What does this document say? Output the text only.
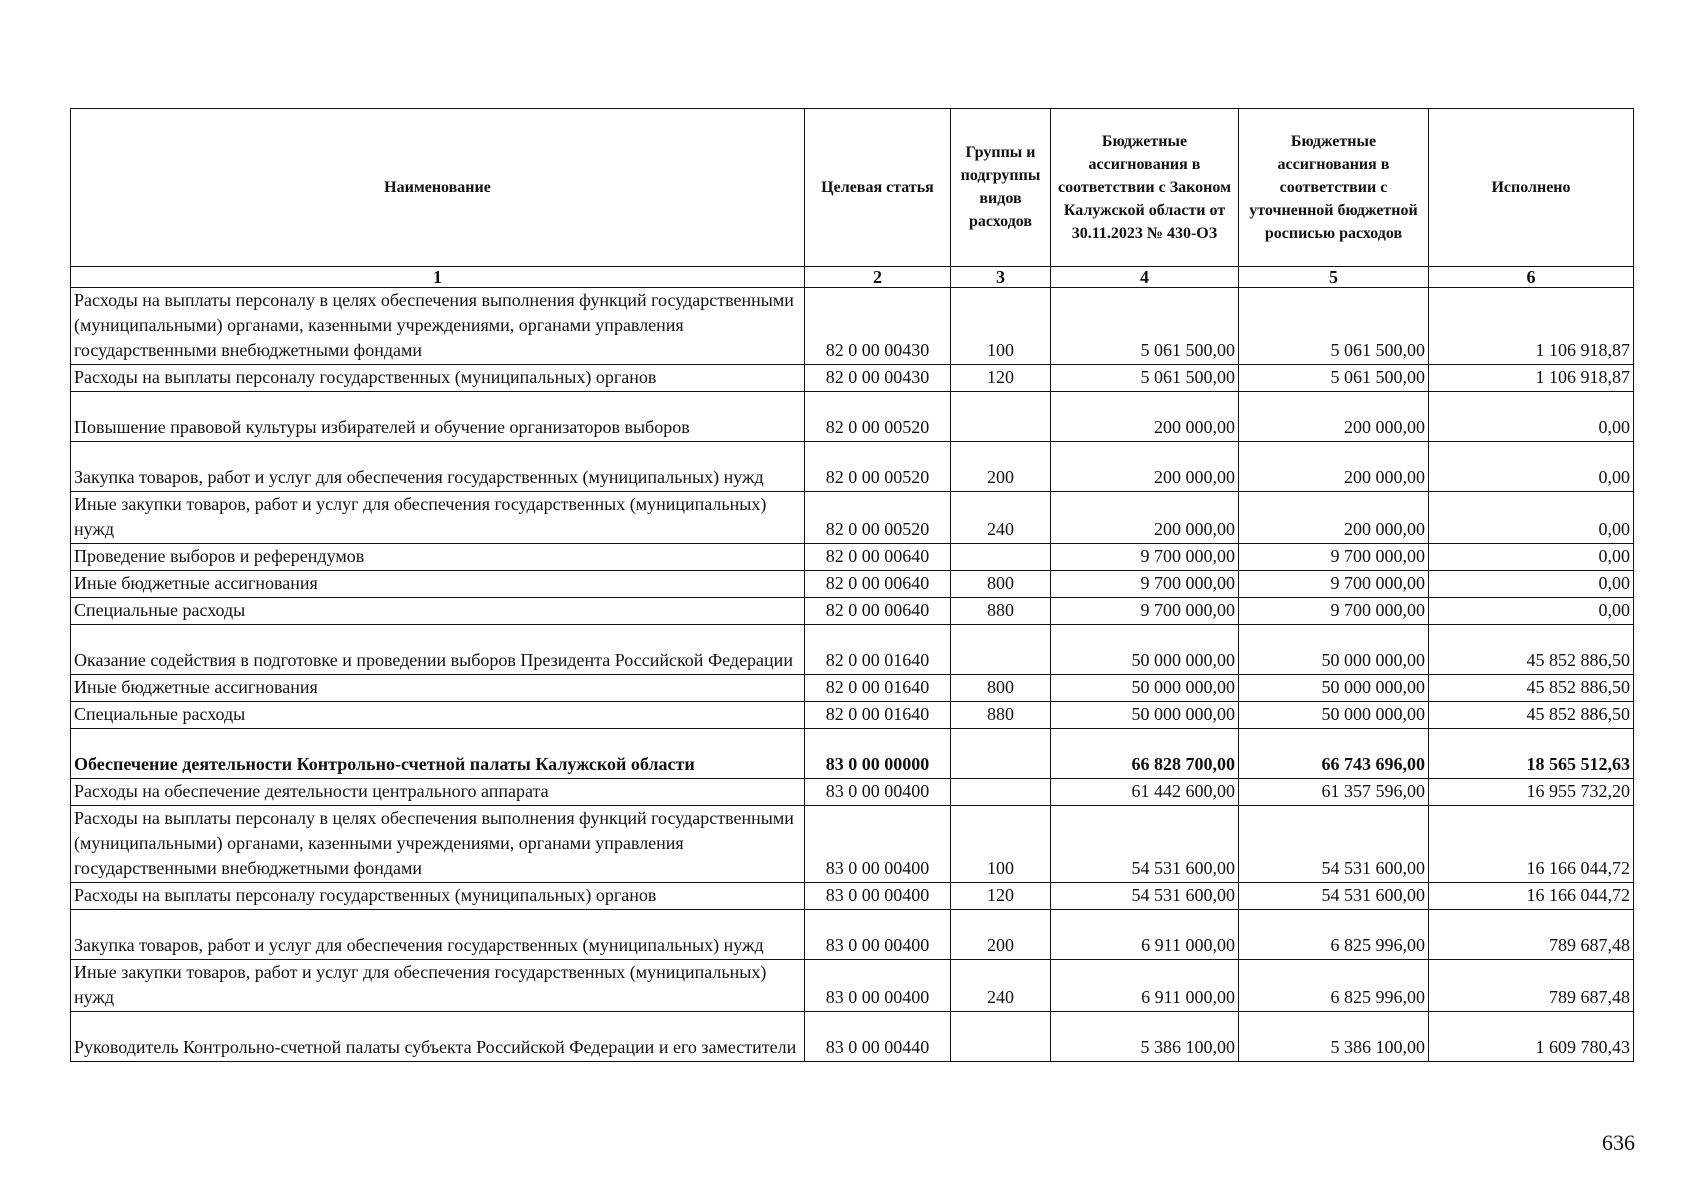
Наименование	Целевая статья	Группы и подгруппы видов расходов	Бюджетные ассигнования в соответствии с Законом Калужской области от 30.11.2023 № 430-ОЗ	Бюджетные ассигнования в соответствии с уточненной бюджетной росписью расходов	Исполнено
1	2	3	4	5	6
Расходы на выплаты персоналу в целях обеспечения выполнения функций государственными (муниципальными) органами, казенными учреждениями, органами управления государственными внебюджетными фондами	82 0 00 00430	100	5 061 500,00	5 061 500,00	1 106 918,87
Расходы на выплаты персоналу государственных (муниципальных) органов	82 0 00 00430	120	5 061 500,00	5 061 500,00	1 106 918,87
Повышение правовой культуры избирателей и обучение организаторов выборов	82 0 00 00520		200 000,00	200 000,00	0,00
Закупка товаров, работ и услуг для обеспечения государственных (муниципальных) нужд	82 0 00 00520	200	200 000,00	200 000,00	0,00
Иные закупки товаров, работ и услуг для обеспечения государственных (муниципальных) нужд	82 0 00 00520	240	200 000,00	200 000,00	0,00
Проведение выборов и референдумов	82 0 00 00640		9 700 000,00	9 700 000,00	0,00
Иные бюджетные ассигнования	82 0 00 00640	800	9 700 000,00	9 700 000,00	0,00
Специальные расходы	82 0 00 00640	880	9 700 000,00	9 700 000,00	0,00
Оказание содействия в подготовке и проведении выборов Президента Российской Федерации	82 0 00 01640		50 000 000,00	50 000 000,00	45 852 886,50
Иные бюджетные ассигнования	82 0 00 01640	800	50 000 000,00	50 000 000,00	45 852 886,50
Специальные расходы	82 0 00 01640	880	50 000 000,00	50 000 000,00	45 852 886,50
Обеспечение деятельности Контрольно-счетной палаты Калужской области	83 0 00 00000		66 828 700,00	66 743 696,00	18 565 512,63
Расходы на обеспечение деятельности центрального аппарата	83 0 00 00400		61 442 600,00	61 357 596,00	16 955 732,20
Расходы на выплаты персоналу в целях обеспечения выполнения функций государственными (муниципальными) органами, казенными учреждениями, органами управления государственными внебюджетными фондами	83 0 00 00400	100	54 531 600,00	54 531 600,00	16 166 044,72
Расходы на выплаты персоналу государственных (муниципальных) органов	83 0 00 00400	120	54 531 600,00	54 531 600,00	16 166 044,72
Закупка товаров, работ и услуг для обеспечения государственных (муниципальных) нужд	83 0 00 00400	200	6 911 000,00	6 825 996,00	789 687,48
Иные закупки товаров, работ и услуг для обеспечения государственных (муниципальных) нужд	83 0 00 00400	240	6 911 000,00	6 825 996,00	789 687,48
Руководитель Контрольно-счетной палаты субъекта Российской Федерации и его заместители	83 0 00 00440		5 386 100,00	5 386 100,00	1 609 780,43
636
